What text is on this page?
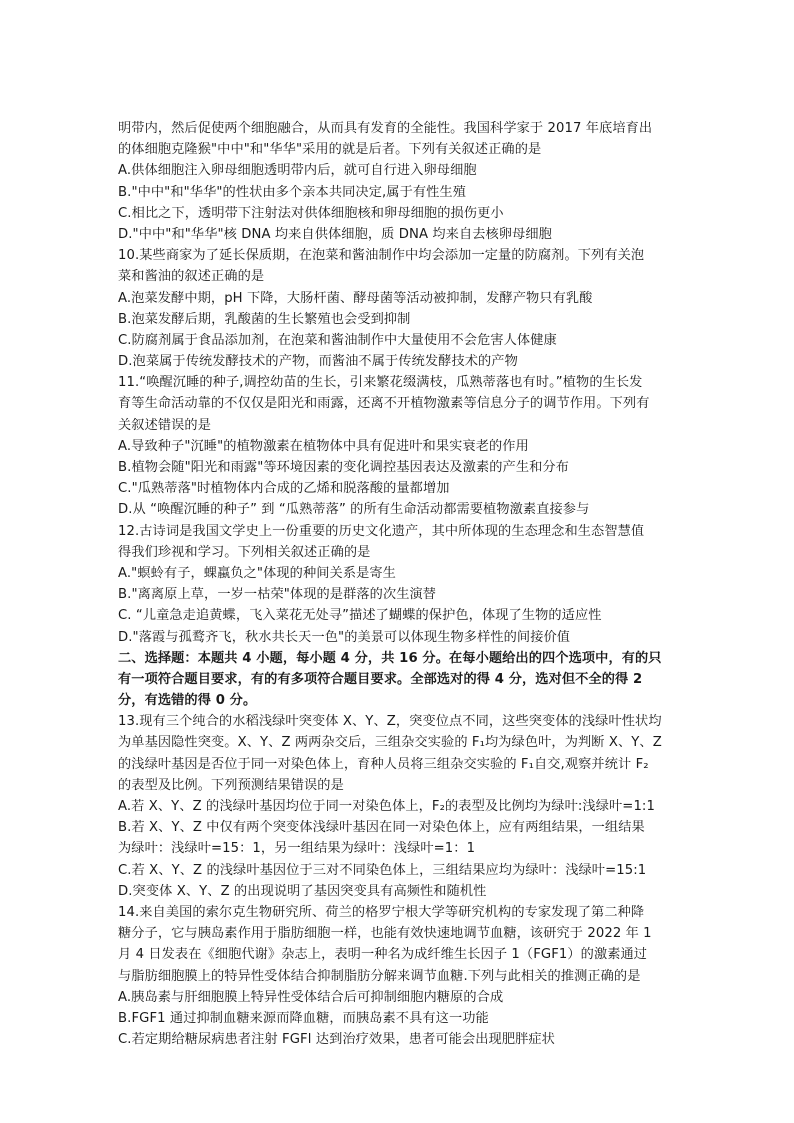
明带内，然后促使两个细胞融合，从而具有发育的全能性。我国科学家于 2017 年底培育出
的体细胞克隆猴"中中"和"华华"采用的就是后者。下列有关叙述正确的是
A.供体细胞注入卵母细胞透明带内后，就可自行进入卵母细胞
B."中中"和"华华"的性状由多个亲本共同决定,属于有性生殖
C.相比之下，透明带下注射法对供体细胞核和卵母细胞的损伤更小
D."中中"和"华华"核 DNA 均来自供体细胞，质 DNA 均来自去核卵母细胞
10.某些商家为了延长保质期，在泡菜和酱油制作中均会添加一定量的防腐剂。下列有关泡
菜和酱油的叙述正确的是
A.泡菜发酵中期，pH 下降，大肠杆菌、酵母菌等活动被抑制，发酵产物只有乳酸
B.泡菜发酵后期，乳酸菌的生长繁殖也会受到抑制
C.防腐剂属于食品添加剂，在泡菜和酱油制作中大量使用不会危害人体健康
D.泡菜属于传统发酵技术的产物，而酱油不属于传统发酵技术的产物
11.“唤醒沉睡的种子,调控幼苗的生长，引来繁花缀满枝，瓜熟蒂落也有时。”植物的生长发
育等生命活动靠的不仅仅是阳光和雨露，还离不开植物激素等信息分子的调节作用。下列有
关叙述错误的是
A.导致种子"沉睡"的植物激素在植物体中具有促进叶和果实衰老的作用
B.植物会随"阳光和雨露"等环境因素的变化调控基因表达及激素的产生和分布
C."瓜熟蒂落"时植物体内合成的乙烯和脱落酸的量都增加
D.从 “唤醒沉睡的种子” 到 “瓜熟蒂落” 的所有生命活动都需要植物激素直接参与
12.古诗词是我国文学史上一份重要的历史文化遗产，其中所体现的生态理念和生态智慧值
得我们珍视和学习。下列相关叙述正确的是
A."螟蛉有子，蜾蠃负之"体现的种间关系是寄生
B."离离原上草，一岁一枯荣"体现的是群落的次生演替
C. “儿童急走追黄蝶，飞入菜花无处寻”描述了蝴蝶的保护色，体现了生物的适应性
D."落霞与孤鹜齐飞，秋水共长天一色"的美景可以体现生物多样性的间接价值
二、选择题：本题共 4 小题，每小题 4 分，共 16 分。在每小题给出的四个选项中，有的只
有一项符合题目要求，有的有多项符合题目要求。全部选对的得 4 分，选对但不全的得 2
分，有选错的得 0 分。
13.现有三个纯合的水稻浅绿叶突变体 X、Y、Z，突变位点不同，这些突变体的浅绿叶性状均
为单基因隐性突变。X、Y、Z 两两杂交后，三组杂交实验的 F₁均为绿色叶，为判断 X、Y、Z
的浅绿叶基因是否位于同一对染色体上，育种人员将三组杂交实验的 F₁自交,观察并统计 F₂
的表型及比例。下列预测结果错误的是
A.若 X、Y、Z 的浅绿叶基因均位于同一对染色体上，F₂的表型及比例均为绿叶:浅绿叶=1:1
B.若 X、Y、Z 中仅有两个突变体浅绿叶基因在同一对染色体上，应有两组结果，一组结果
为绿叶：浅绿叶=15：1，另一组结果为绿叶：浅绿叶=1：1
C.若 X、Y、Z 的浅绿叶基因位于三对不同染色体上，三组结果应均为绿叶：浅绿叶=15:1
D.突变体 X、Y、Z 的出现说明了基因突变具有高频性和随机性
14.来自美国的索尔克生物研究所、荷兰的格罗宁根大学等研究机构的专家发现了第二种降
糖分子，它与胰岛素作用于脂肪细胞一样，也能有效快速地调节血糖，该研究于 2022 年 1
月 4 日发表在《细胞代谢》杂志上，表明一种名为成纤维生长因子 1（FGF1）的激素通过
与脂肪细胞膜上的特异性受体结合抑制脂肪分解来调节血糖.下列与此相关的推测正确的是
A.胰岛素与肝细胞膜上特异性受体结合后可抑制细胞内糖原的合成
B.FGF1 通过抑制血糖来源而降血糖，而胰岛素不具有这一功能
C.若定期给糖尿病患者注射 FGFl 达到治疗效果，患者可能会出现肥胖症状
